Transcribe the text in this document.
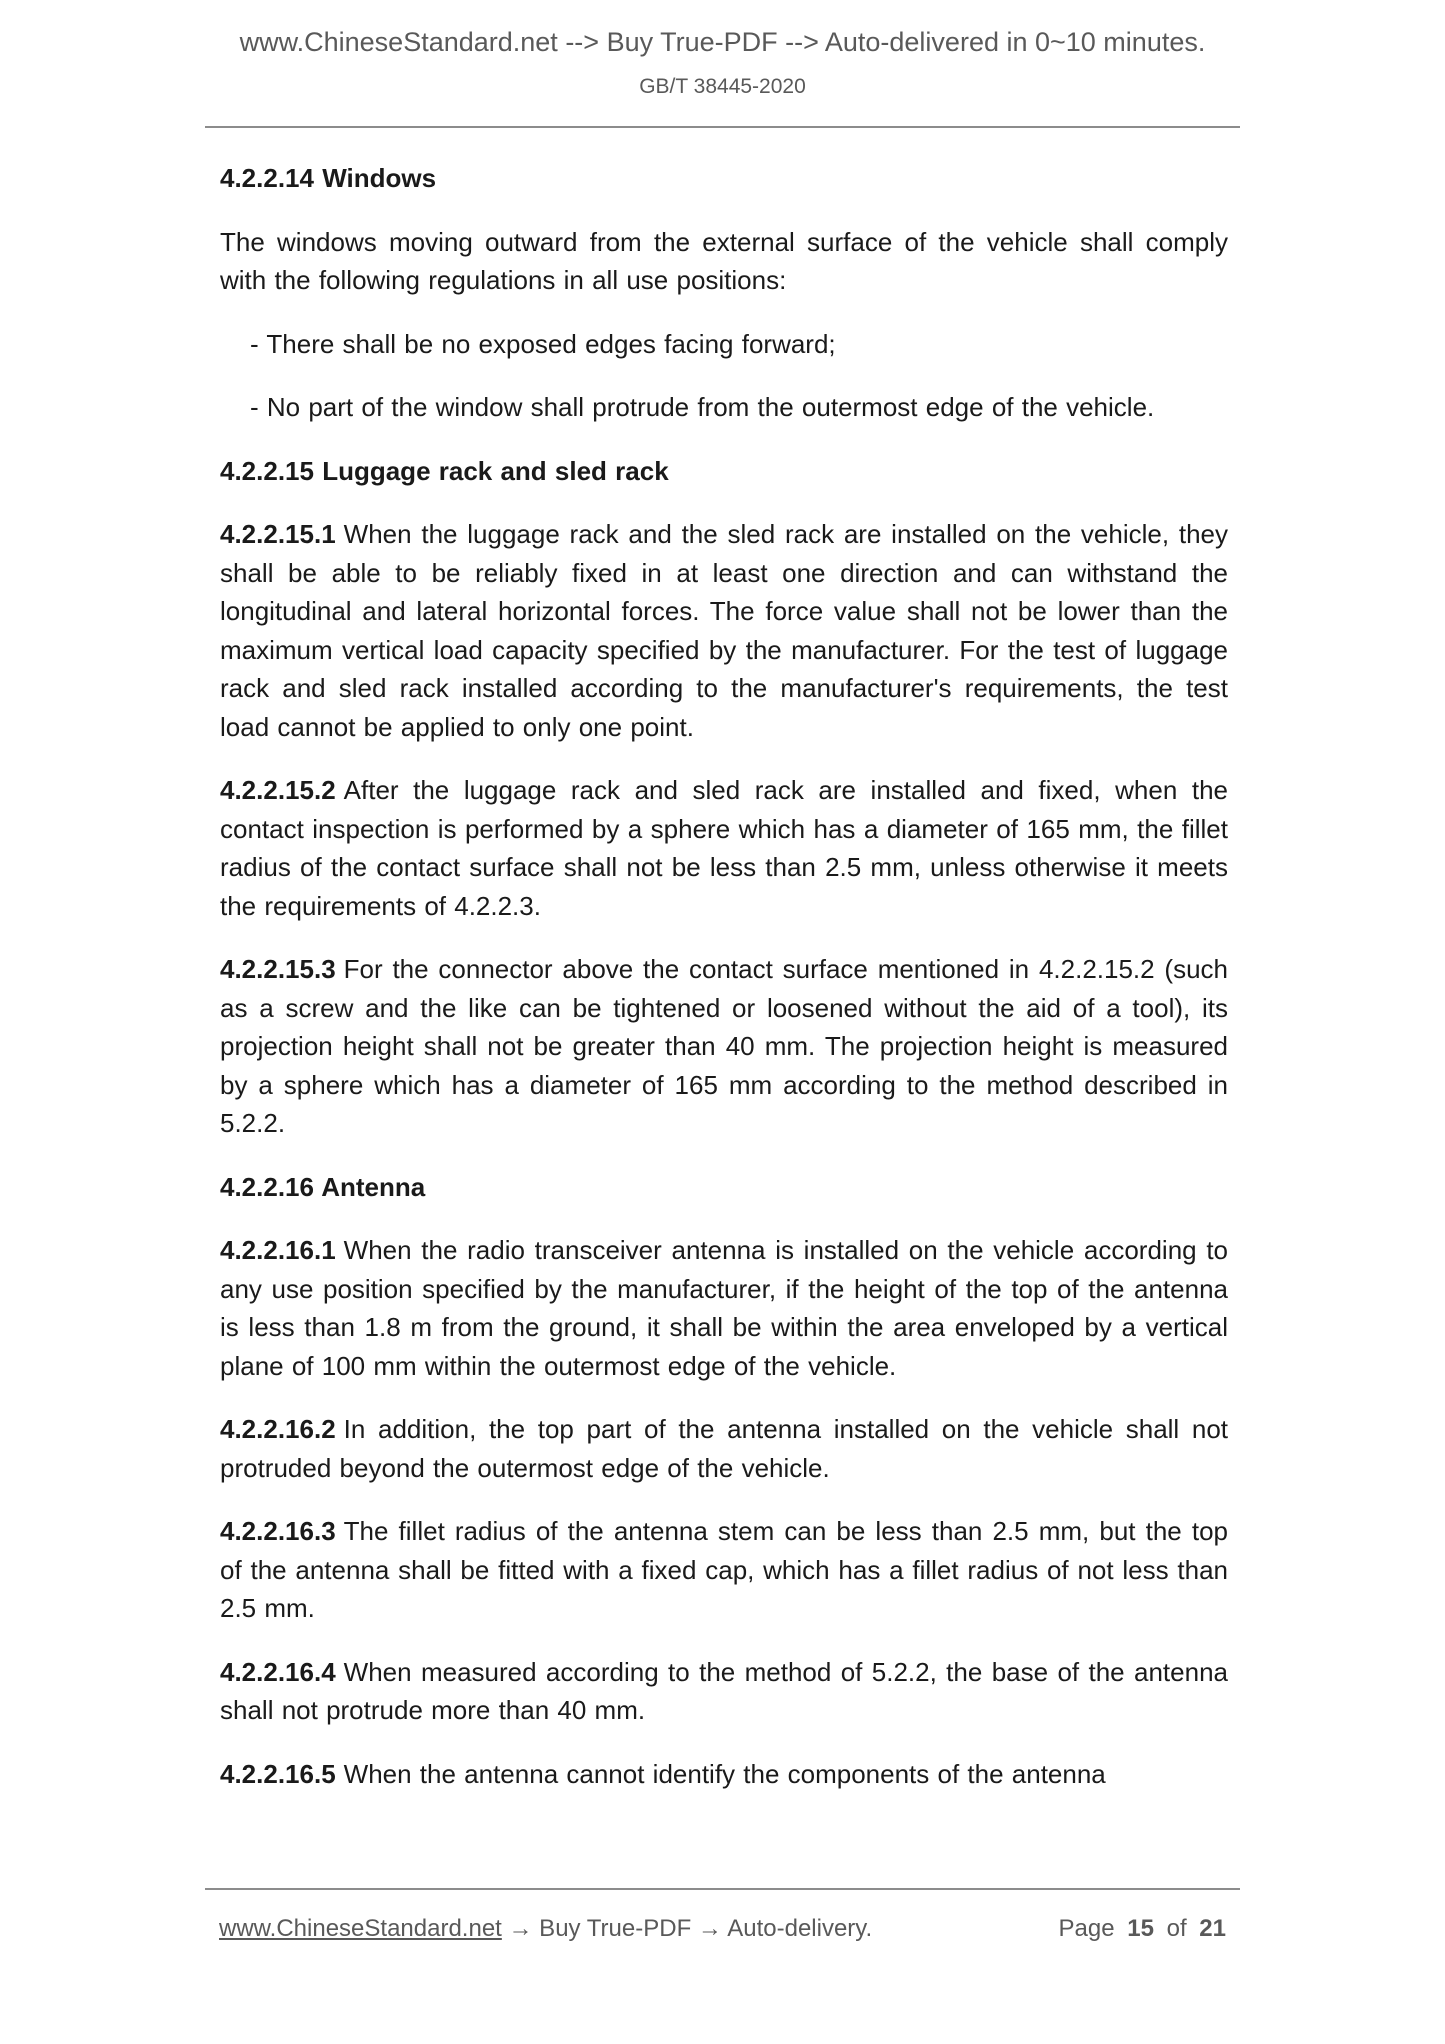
www.ChineseStandard.net --> Buy True-PDF --> Auto-delivered in 0~10 minutes.
GB/T 38445-2020
4.2.2.14 Windows

The windows moving outward from the external surface of the vehicle shall comply with the following regulations in all use positions:

- There shall be no exposed edges facing forward;

- No part of the window shall protrude from the outermost edge of the vehicle.

4.2.2.15 Luggage rack and sled rack

4.2.2.15.1 When the luggage rack and the sled rack are installed on the vehicle, they shall be able to be reliably fixed in at least one direction and can withstand the longitudinal and lateral horizontal forces. The force value shall not be lower than the maximum vertical load capacity specified by the manufacturer. For the test of luggage rack and sled rack installed according to the manufacturer's requirements, the test load cannot be applied to only one point.

4.2.2.15.2 After the luggage rack and sled rack are installed and fixed, when the contact inspection is performed by a sphere which has a diameter of 165 mm, the fillet radius of the contact surface shall not be less than 2.5 mm, unless otherwise it meets the requirements of 4.2.2.3.

4.2.2.15.3 For the connector above the contact surface mentioned in 4.2.2.15.2 (such as a screw and the like can be tightened or loosened without the aid of a tool), its projection height shall not be greater than 40 mm. The projection height is measured by a sphere which has a diameter of 165 mm according to the method described in 5.2.2.

4.2.2.16 Antenna

4.2.2.16.1 When the radio transceiver antenna is installed on the vehicle according to any use position specified by the manufacturer, if the height of the top of the antenna is less than 1.8 m from the ground, it shall be within the area enveloped by a vertical plane of 100 mm within the outermost edge of the vehicle.

4.2.2.16.2 In addition, the top part of the antenna installed on the vehicle shall not protruded beyond the outermost edge of the vehicle.

4.2.2.16.3 The fillet radius of the antenna stem can be less than 2.5 mm, but the top of the antenna shall be fitted with a fixed cap, which has a fillet radius of not less than 2.5 mm.

4.2.2.16.4 When measured according to the method of 5.2.2, the base of the antenna shall not protrude more than 40 mm.

4.2.2.16.5 When the antenna cannot identify the components of the antenna

www.ChineseStandard.net → Buy True-PDF → Auto-delivery.	Page 15 of 21
